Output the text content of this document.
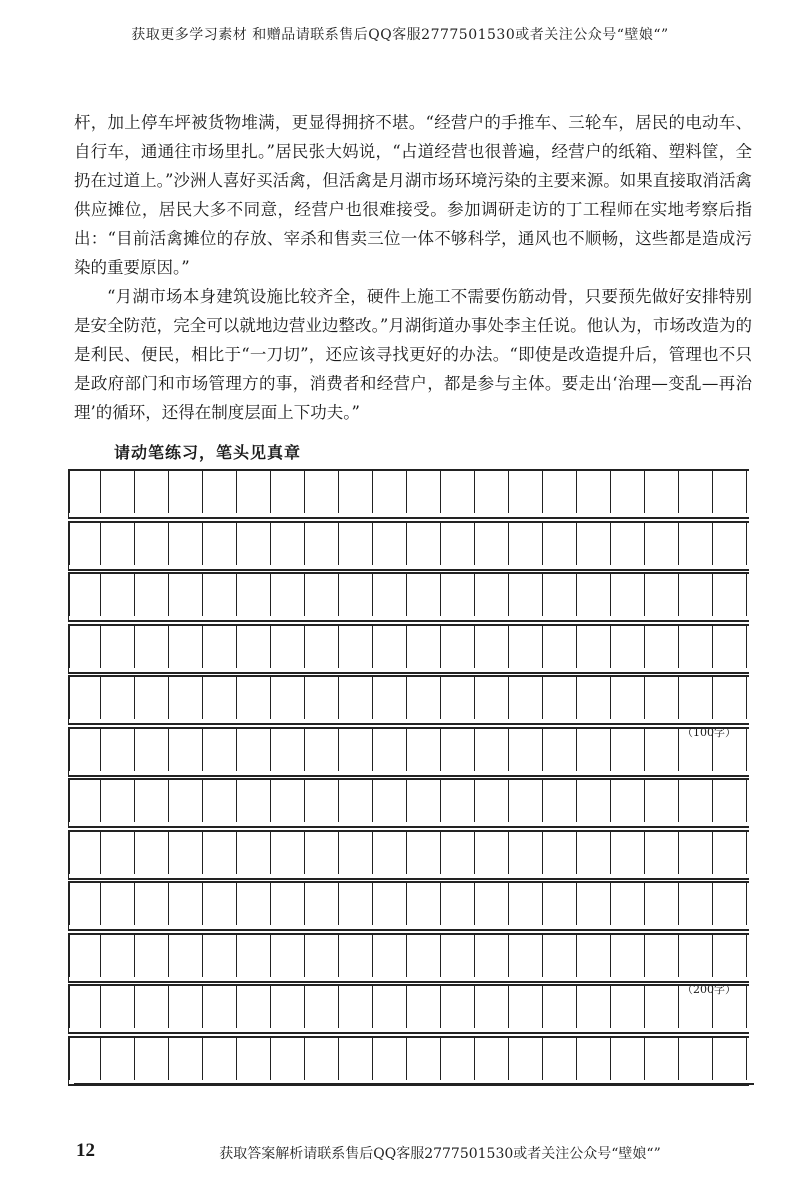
获取更多学习素材 和赠品请联系售后QQ客服2777501530或者关注公众号“壁娘“”

杆，加上停车坪被货物堆满，更显得拥挤不堪。“经营户的手推车、三轮车，居民的电动车、自行车，通通往市场里扎。”居民张大妈说，“占道经营也很普遍，经营户的纸箱、塑料筐，全扔在过道上。”沙洲人喜好买活禽，但活禽是月湖市场环境污染的主要来源。如果直接取消活禽供应摊位，居民大多不同意，经营户也很难接受。参加调研走访的丁工程师在实地考察后指出：“目前活禽摊位的存放、宰杀和售卖三位一体不够科学，通风也不顺畅，这些都是造成污染的重要原因。”

“月湖市场本身建筑设施比较齐全，硬件上施工不需要伤筋动骨，只要预先做好安排特别是安全防范，完全可以就地边营业边整改。”月湖街道办事处李主任说。他认为，市场改造为的是利民、便民，相比于“一刀切”，还应该寻找更好的办法。“即使是改造提升后，管理也不只是政府部门和市场管理方的事，消费者和经营户，都是参与主体。要走出‘治理—变乱—再治理’的循环，还得在制度层面上下功夫。”

请动笔练习，笔头见真章
（100字）
（200字）
12	获取答案解析请联系售后QQ客服2777501530或者关注公众号“壁娘“”
